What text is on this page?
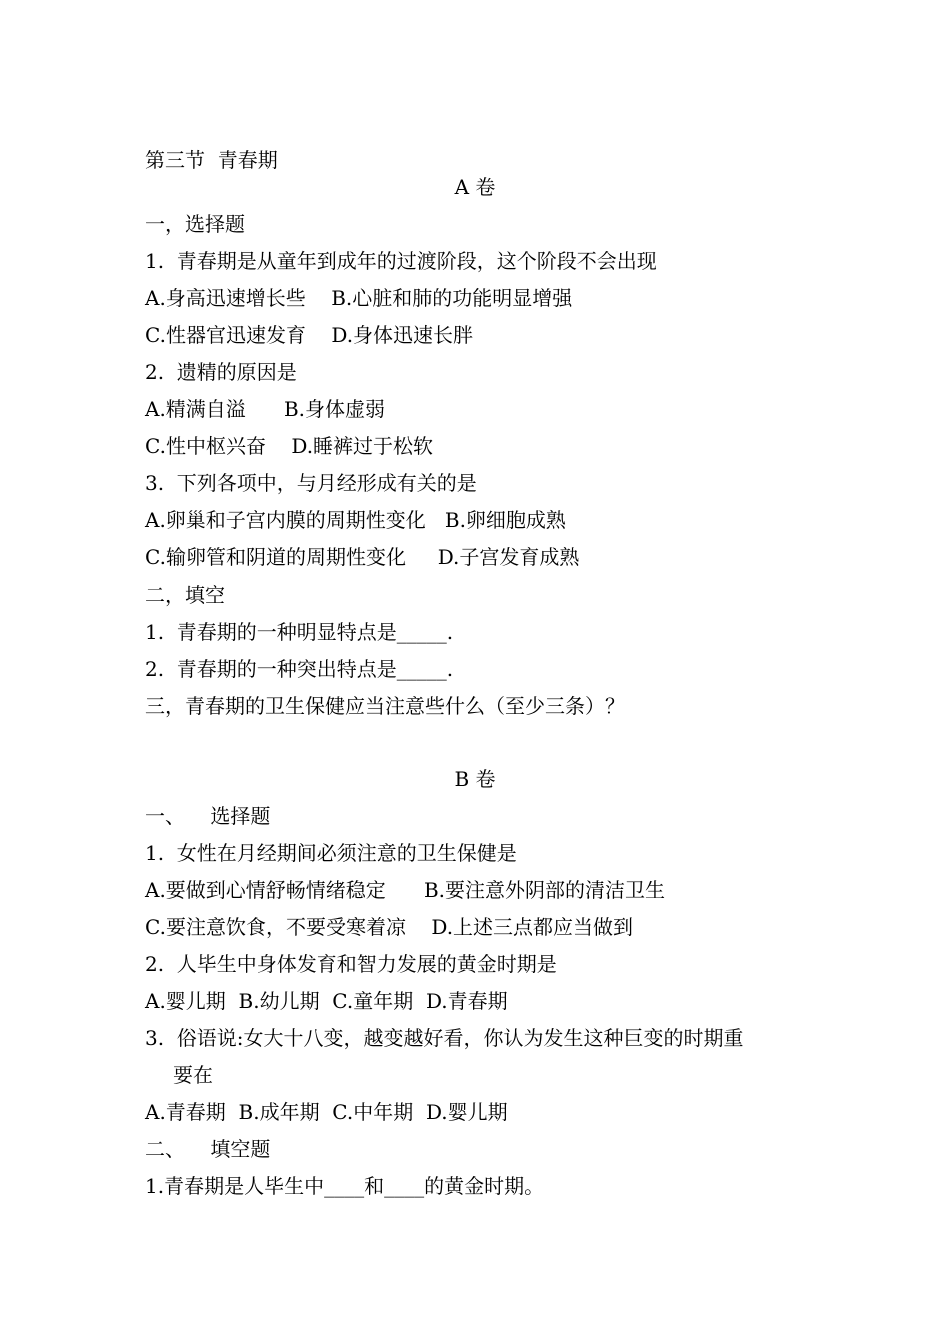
第三节  青春期
A 卷
一，选择题
1.  青春期是从童年到成年的过渡阶段，这个阶段不会出现
A.身高迅速增长些    B.心脏和肺的功能明显增强
C.性器官迅速发育    D.身体迅速长胖
2.  遗精的原因是
A.精满自溢      B.身体虚弱
C.性中枢兴奋    D.睡裤过于松软
3.  下列各项中，与月经形成有关的是
A.卵巢和子宫内膜的周期性变化   B.卵细胞成熟
C.输卵管和阴道的周期性变化     D.子宫发育成熟
二，填空
1.  青春期的一种明显特点是_____.
2.  青春期的一种突出特点是_____.
三，青春期的卫生保健应当注意些什么（至少三条）？
B 卷
一、    选择题
1.  女性在月经期间必须注意的卫生保健是
A.要做到心情舒畅情绪稳定      B.要注意外阴部的清洁卫生
C.要注意饮食，不要受寒着凉    D.上述三点都应当做到
2.  人毕生中身体发育和智力发展的黄金时期是
A.婴儿期  B.幼儿期  C.童年期  D.青春期
3.  俗语说:女大十八变，越变越好看，你认为发生这种巨变的时期重
要在
A.青春期  B.成年期  C.中年期  D.婴儿期
二、    填空题
1.青春期是人毕生中____和____的黄金时期。
